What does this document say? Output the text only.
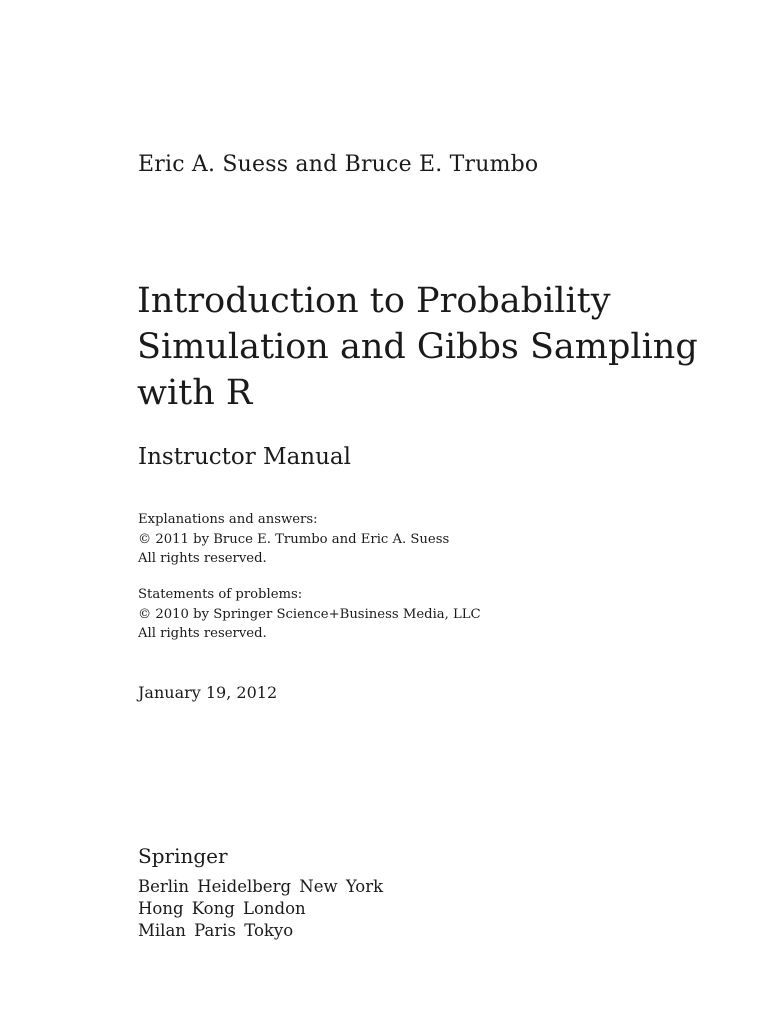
Eric A. Suess and Bruce E. Trumbo
Introduction to Probability
Simulation and Gibbs Sampling
with R
Instructor Manual
Explanations and answers:
© 2011 by Bruce E. Trumbo and Eric A. Suess
All rights reserved.
Statements of problems:
© 2010 by Springer Science+Business Media, LLC
All rights reserved.
January 19, 2012
Springer
Berlin Heidelberg New York
Hong Kong London
Milan Paris Tokyo
